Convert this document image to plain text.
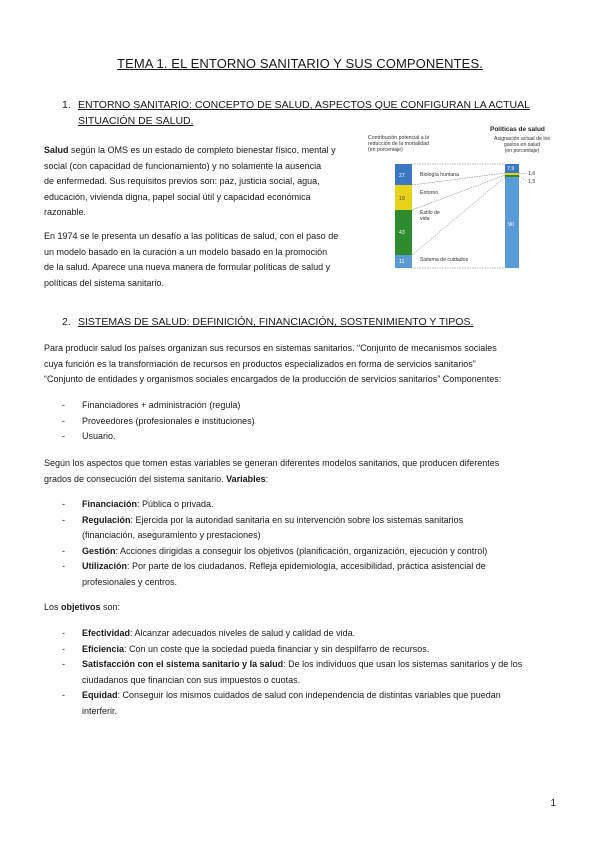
TEMA 1. EL ENTORNO SANITARIO Y SUS COMPONENTES.
1. ENTORNO SANITARIO: CONCEPTO DE SALUD, ASPECTOS QUE CONFIGURAN LA ACTUAL
SITUACIÓN DE SALUD.
Salud según la OMS es un estado de completo bienestar físico, mental y
social (con capacidad de funcionamiento) y no solamente la ausencia
de enfermedad. Sus requisitos previos son: paz, justicia social, agua,
educación, vivienda digna, papel social útil y capacidad económica
razonable.
En 1974 se le presenta un desafío a las políticas de salud, con el paso de
un modelo basado en la curación a un modelo basado en la promoción
de la salud. Aparece una nueva manera de formular políticas de salud y
políticas del sistema sanitario.
Políticas de salud
Contribución potencial a la
reducción de la mortalidad
(en porcentaje)
Asignación actual de los
gastos en salud
(en porcentaje)
Biología humana
Entorno
Estilo de vida
Sistema de cuidados
27
19
43
11
7,9
1,6
1,5
90
2. SISTEMAS DE SALUD: DEFINICIÓN, FINANCIACIÓN, SOSTENIMIENTO Y TIPOS.
Para producir salud los países organizan sus recursos en sistemas sanitarios. “Conjunto de mecanismos sociales
cuya función es la transformación de recursos en productos especializados en forma de servicios sanitarios”
“Conjunto de entidades y organismos sociales encargados de la producción de servicios sanitarios” Componentes:
- Financiadores + administración (regula)
- Proveedores (profesionales e instituciones)
- Usuario.
Según los aspectos que tomen estas variables se generan diferentes modelos sanitarios, que producen diferentes
grados de consecución del sistema sanitario. Variables:
- Financiación: Pública o privada.
- Regulación: Ejercida por la autoridad sanitaria en su intervención sobre los sistemas sanitarios
(financiación, aseguramiento y prestaciones)
- Gestión: Acciones dirigidas a conseguir los objetivos (planificación, organización, ejecución y control)
- Utilización: Por parte de los ciudadanos. Refleja epidemiología, accesibilidad, práctica asistencial de
profesionales y centros.
Los objetivos son:
- Efectividad: Alcanzar adecuados niveles de salud y calidad de vida.
- Eficiencia: Con un coste que la sociedad pueda financiar y sin despilfarro de recursos.
- Satisfacción con el sistema sanitario y la salud: De los individuos que usan los sistemas sanitarios y de los
ciudadanos que financian con sus impuestos o cuotas.
- Equidad: Conseguir los mismos cuidados de salud con independencia de distintas variables que puedan
interferir.
1
